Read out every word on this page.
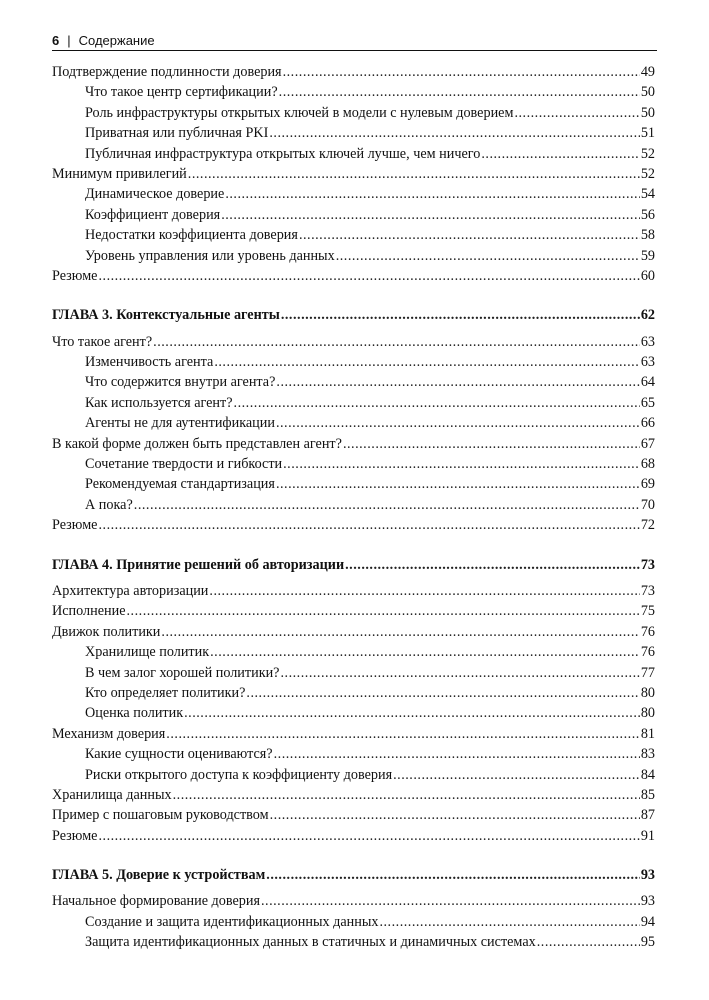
6 | Содержание
Подтверждение подлинности доверия .....	49
Что такое центр сертификации? .....	50
Роль инфраструктуры открытых ключей в модели с нулевым доверием .....	50
Приватная или публичная PKI .....	51
Публичная инфраструктура открытых ключей лучше, чем ничего .....	52
Минимум привилегий .....	52
Динамическое доверие .....	54
Коэффициент доверия .....	56
Недостатки коэффициента доверия .....	58
Уровень управления или уровень данных .....	59
Резюме .....	60
ГЛАВА 3. Контекстуальные агенты .....	62
Что такое агент? .....	63
Изменчивость агента .....	63
Что содержится внутри агента? .....	64
Как используется агент? .....	65
Агенты не для аутентификации .....	66
В какой форме должен быть представлен агент? .....	67
Сочетание твердости и гибкости .....	68
Рекомендуемая стандартизация .....	69
А пока? .....	70
Резюме .....	72
ГЛАВА 4. Принятие решений об авторизации .....	73
Архитектура авторизации .....	73
Исполнение .....	75
Движок политики .....	76
Хранилище политик .....	76
В чем залог хорошей политики? .....	77
Кто определяет политики? .....	80
Оценка политик .....	80
Механизм доверия .....	81
Какие сущности оцениваются? .....	83
Риски открытого доступа к коэффициенту доверия .....	84
Хранилища данных .....	85
Пример с пошаговым руководством .....	87
Резюме .....	91
ГЛАВА 5. Доверие к устройствам .....	93
Начальное формирование доверия .....	93
Создание и защита идентификационных данных .....	94
Защита идентификационных данных в статичных и динамичных системах .....	95
